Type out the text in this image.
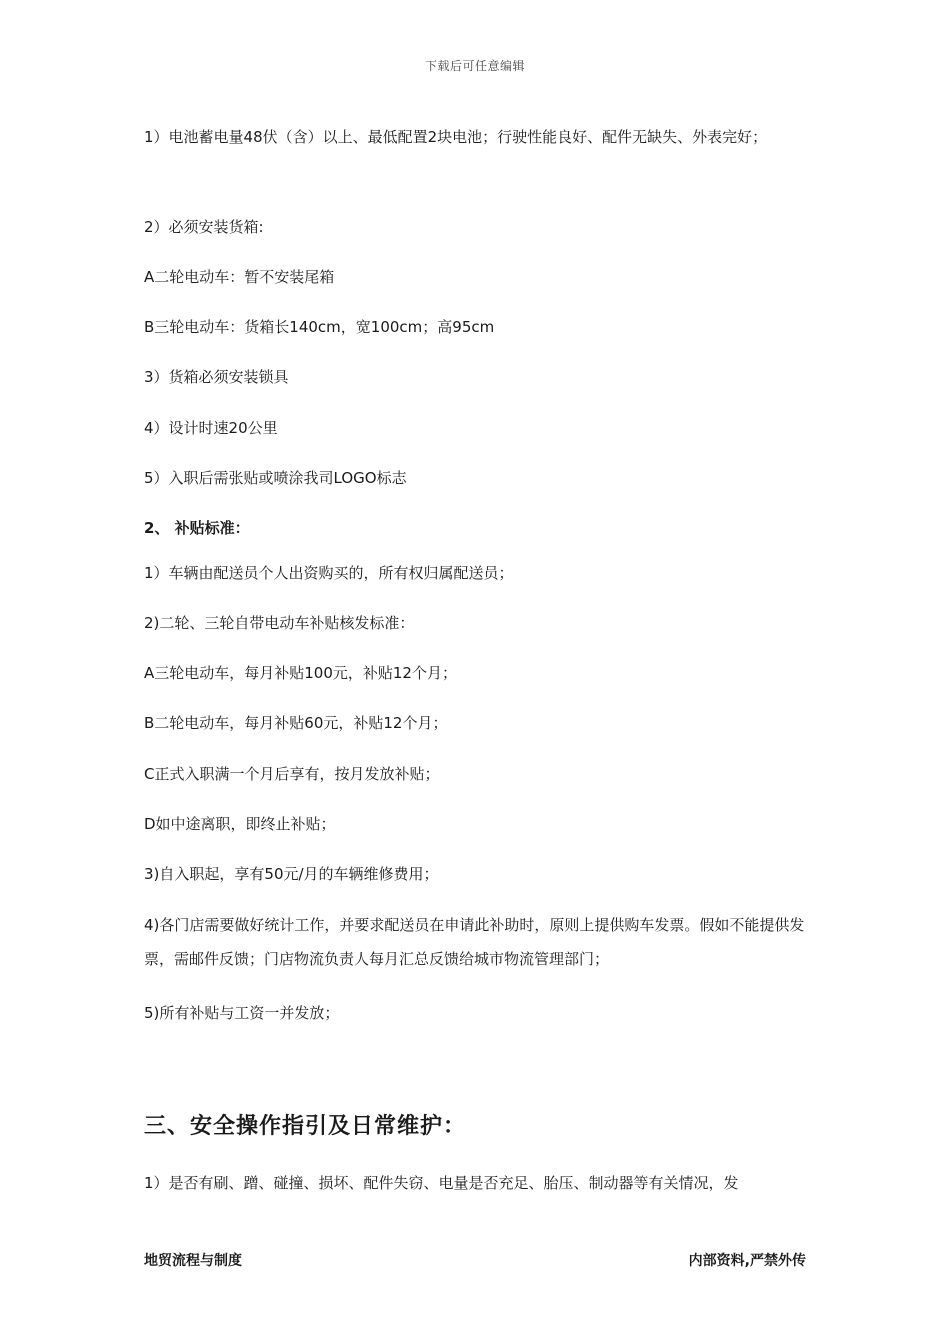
下载后可任意编辑
1）电池蓄电量48伏（含）以上、最低配置2块电池；行驶性能良好、配件无缺失、外表完好；
2）必须安装货箱:
A二轮电动车：暂不安装尾箱
B三轮电动车：货箱长140cm，宽100cm；高95cm
3）货箱必须安装锁具
4）设计时速20公里
5）入职后需张贴或喷涂我司LOGO标志
2、 补贴标准：
1）车辆由配送员个人出资购买的，所有权归属配送员；
2)二轮、三轮自带电动车补贴核发标准：
A三轮电动车，每月补贴100元，补贴12个月；
B二轮电动车，每月补贴60元，补贴12个月；
C正式入职满一个月后享有，按月发放补贴；
D如中途离职，即终止补贴；
3)自入职起，享有50元/月的车辆维修费用；
4)各门店需要做好统计工作，并要求配送员在申请此补助时，原则上提供购车发票。假如不能提供发票，需邮件反馈；门店物流负责人每月汇总反馈给城市物流管理部门；
5)所有补贴与工资一并发放；
三、安全操作指引及日常维护：
1）是否有刷、蹭、碰撞、损坏、配件失窃、电量是否充足、胎压、制动器等有关情况，发
地贸流程与制度	内部资料,严禁外传
